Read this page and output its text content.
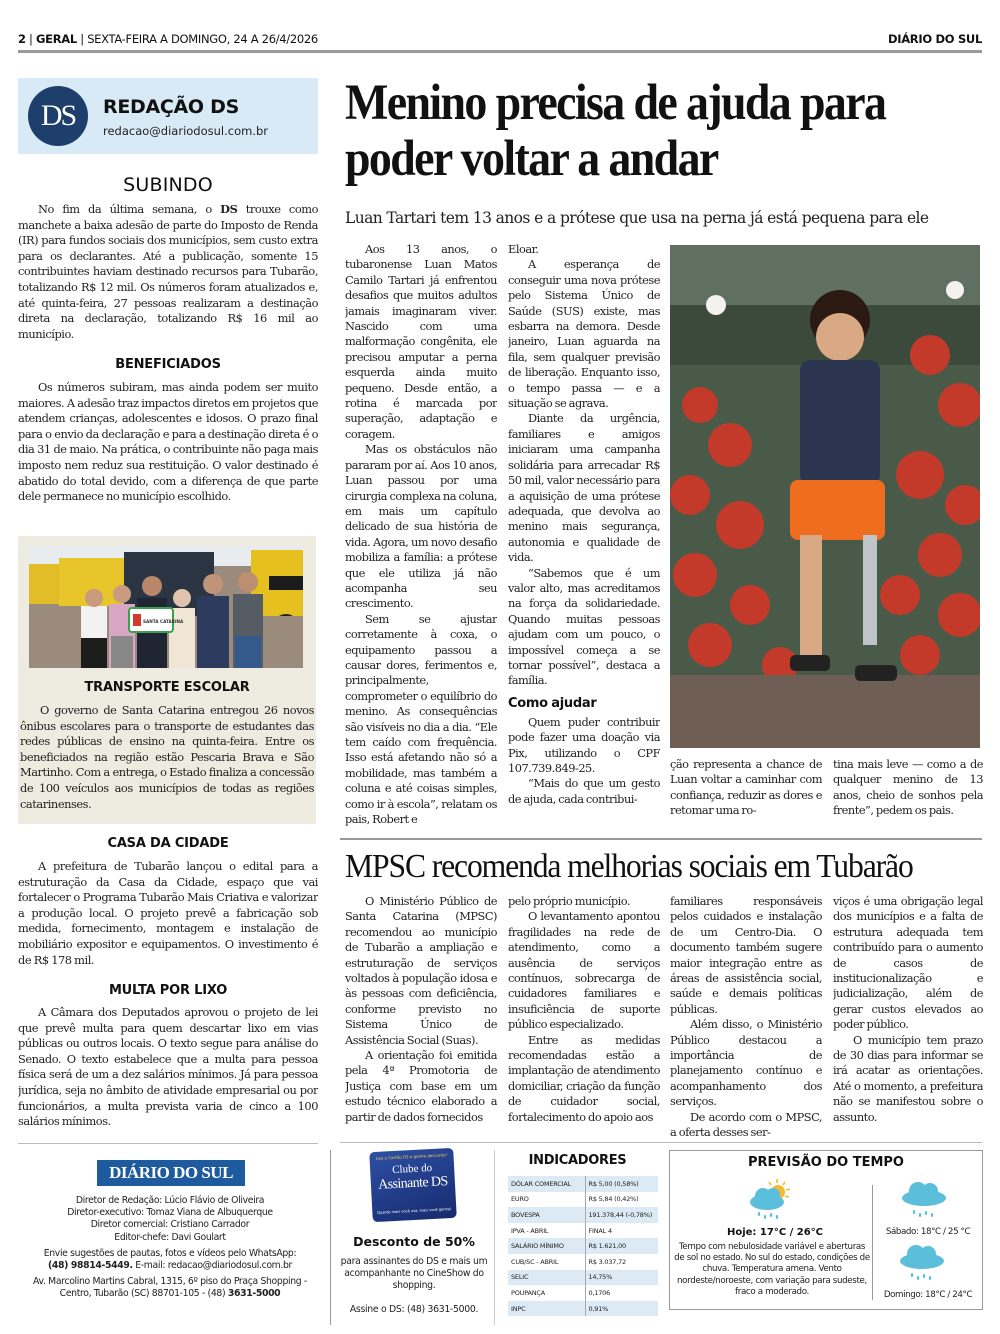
2 | GERAL | SEXTA-FEIRA A DOMINGO, 24 A 26/4/2026	DIÁRIO DO SUL
DS	REDAÇÃO DS
redacao@diariodosul.com.br
SUBINDO

No fim da última semana, o DS trouxe como manchete a baixa adesão de parte do Imposto de Renda (IR) para fundos sociais dos municípios, sem custo extra para os declarantes. Até a publicação, somente 15 contribuintes haviam destinado recursos para Tubarão, totalizando R$ 12 mil. Os números foram atualizados e, até quinta-feira, 27 pessoas realizaram a destinação direta na declaração, totalizando R$ 16 mil ao município.

BENEFICIADOS

Os números subiram, mas ainda podem ser muito maiores. A adesão traz impactos diretos em projetos que atendem crianças, adolescentes e idosos. O prazo final para o envio da declaração e para a destinação direta é o dia 31 de maio. Na prática, o contribuinte não paga mais imposto nem reduz sua restituição. O valor destinado é abatido do total devido, com a diferença de que parte dele permanece no município escolhido.

SANTA CATARINA
TRANSPORTE ESCOLAR

O governo de Santa Catarina entregou 26 novos ônibus escolares para o transporte de estudantes das redes públicas de ensino na quinta-feira. Entre os beneficiados na região estão Pescaria Brava e São Martinho. Com a entrega, o Estado finaliza a concessão de 100 veículos aos municípios de todas as regiões catarinenses.

CASA DA CIDADE

A prefeitura de Tubarão lançou o edital para a estruturação da Casa da Cidade, espaço que vai fortalecer o Programa Tubarão Mais Criativa e valorizar a produção local. O projeto prevê a fabricação sob medida, fornecimento, montagem e instalação de mobiliário expositor e equipamentos. O investimento é de R$ 178 mil.

MULTA POR LIXO

A Câmara dos Deputados aprovou o projeto de lei que prevê multa para quem descartar lixo em vias públicas ou outros locais. O texto segue para análise do Senado. O texto estabelece que a multa para pessoa física será de um a dez salários mínimos. Já para pessoa jurídica, seja no âmbito de atividade empresarial ou por funcionários, a multa prevista varia de cinco a 100 salários mínimos.

Menino precisa de ajuda para poder voltar a andar
Luan Tartari tem 13 anos e a prótese que usa na perna já está pequena para ele

Aos 13 anos, o tubaronense Luan Matos Camilo Tartari já enfrentou desafios que muitos adultos jamais imaginaram viver. Nascido com uma malformação congênita, ele precisou amputar a perna esquerda ainda muito pequeno. Desde então, a rotina é marcada por superação, adaptação e coragem.

Mas os obstáculos não pararam por aí. Aos 10 anos, Luan passou por uma cirurgia complexa na coluna, em mais um capítulo delicado de sua história de vida. Agora, um novo desafio mobiliza a família: a prótese que ele utiliza já não acompanha seu crescimento.

Sem se ajustar corretamente à coxa, o equipamento passou a causar dores, ferimentos e, principalmente, comprometer o equilíbrio do menino. As consequências são visíveis no dia a dia. “Ele tem caído com frequência. Isso está afetando não só a mobilidade, mas também a coluna e até coisas simples, como ir à escola”, relatam os pais, Robert e

Eloar.

A esperança de conseguir uma nova prótese pelo Sistema Único de Saúde (SUS) existe, mas esbarra na demora. Desde janeiro, Luan aguarda na fila, sem qualquer previsão de liberação. Enquanto isso, o tempo passa — e a situação se agrava.

Diante da urgência, familiares e amigos iniciaram uma campanha solidária para arrecadar R$ 50 mil, valor necessário para a aquisição de uma prótese adequada, que devolva ao menino mais segurança, autonomia e qualidade de vida.

“Sabemos que é um valor alto, mas acreditamos na força da solidariedade. Quando muitas pessoas ajudam com um pouco, o impossível começa a se tornar possível”, destaca a família.

Como ajudar

Quem puder contribuir pode fazer uma doação via Pix, utilizando o CPF 107.739.849-25.

“Mais do que um gesto de ajuda, cada contribui-

ção representa a chance de Luan voltar a caminhar com confiança, reduzir as dores e retomar uma ro-
tina mais leve — como a de qualquer menino de 13 anos, cheio de sonhos pela frente”, pedem os pais.
MPSC recomenda melhorias sociais em Tubarão

O Ministério Público de Santa Catarina (MPSC) recomendou ao município de Tubarão a ampliação e estruturação de serviços voltados à população idosa e às pessoas com deficiência, conforme previsto no Sistema Único de Assistência Social (Suas).

A orientação foi emitida pela 4ª Promotoria de Justiça com base em um estudo técnico elaborado a partir de dados fornecidos

pelo próprio município.

O levantamento apontou fragilidades na rede de atendimento, como a ausência de serviços contínuos, sobrecarga de cuidadores familiares e insuficiência de suporte público especializado.

Entre as medidas recomendadas estão a implantação de atendimento domiciliar, criação da função de cuidador social, fortalecimento do apoio aos

familiares responsáveis pelos cuidados e instalação de um Centro-Dia. O documento também sugere maior integração entre as áreas de assistência social, saúde e demais políticas públicas.

Além disso, o Ministério Público destacou a importância de planejamento contínuo e acompanhamento dos serviços.

De acordo com o MPSC, a oferta desses ser-

viços é uma obrigação legal dos municípios e a falta de estrutura adequada tem contribuído para o aumento de casos de institucionalização e judicialização, além de gerar custos elevados ao poder público.

O município tem prazo de 30 dias para informar se irá acatar as orientações. Até o momento, a prefeitura não se manifestou sobre o assunto.

DIÁRIO DO SUL
Diretor de Redação: Lúcio Flávio de Oliveira
Diretor-executivo: Tomaz Viana de Albuquerque
Diretor comercial: Cristiano Carrador
Editor-chefe: Davi Goulart
Envie sugestões de pautas, fotos e vídeos pelo WhatsApp:
(48) 98814-5449. E-mail: redacao@diariodosul.com.br
Av. Marcolino Martins Cabral, 1315, 6º piso do Praça Shopping - Centro, Tubarão (SC) 88701-105 - (48) 3631-5000
Use o Cartão DS e ganhe desconto!
Clube do
Assinante DS
Quanto mais você usa, mais você ganha!
Desconto de 50%
para assinantes do DS e mais um acompanhante no CineShow do shopping.
Assine o DS: (48) 3631-5000.
INDICADORES
DÓLAR COMERCIAL	R$ 5,00 (0,58%)
EURO	R$ 5,84 (0,42%)
BOVESPA	191.378,44 (-0,78%)
IPVA - ABRIL	FINAL 4
SALÁRIO MÍNIMO	R$ 1.621,00
CUB/SC - ABRIL	R$ 3.037,72
SELIC	14,75%
POUPANÇA	0,1706
INPC	0,91%
PREVISÃO DO TEMPO
Hoje: 17°C / 26°C
Tempo com nebulosidade variável e aberturas de sol no estado. No sul do estado, condições de chuva. Temperatura amena. Vento nordeste/noroeste, com variação para sudeste, fraco a moderado.
Sábado: 18°C / 25 °C
Domingo: 18°C / 24°C
